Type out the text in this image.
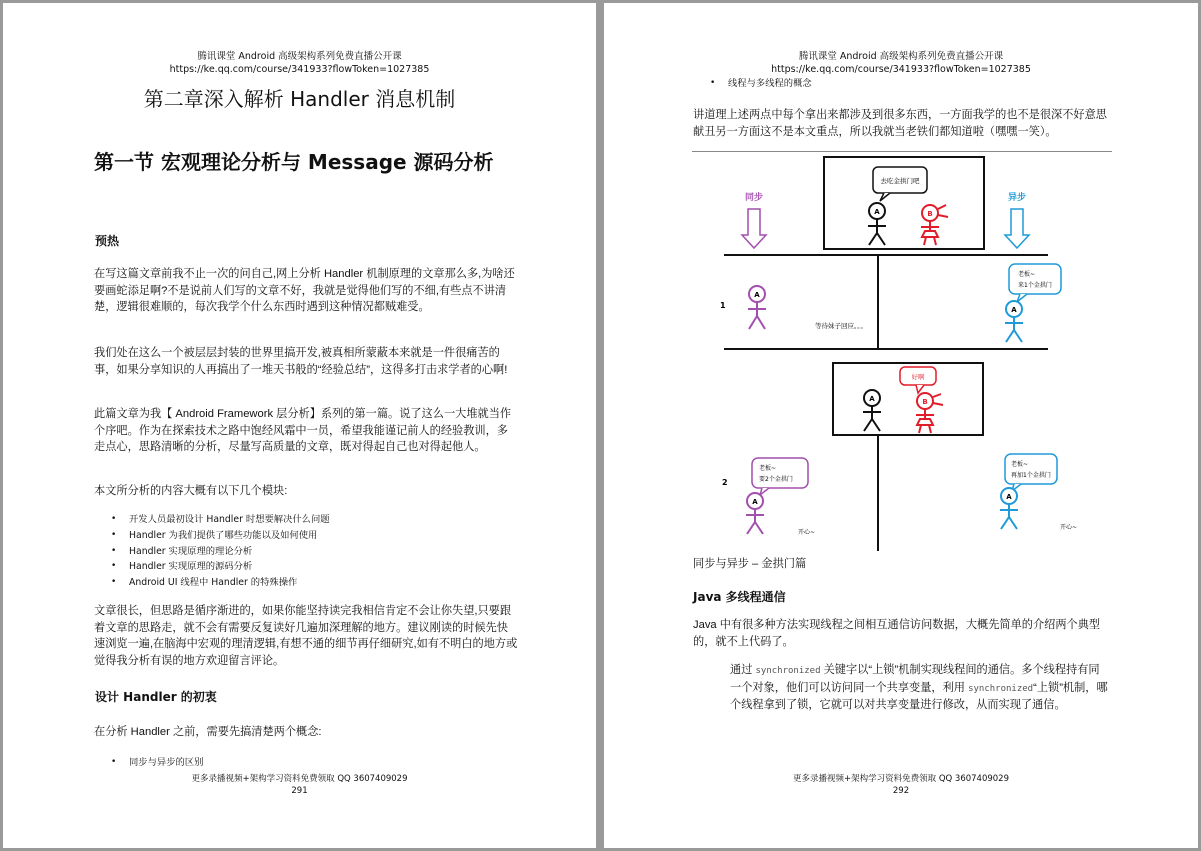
腾讯课堂 Android 高级架构系列免费直播公开课
https://ke.qq.com/course/341933?flowToken=1027385
第二章深入解析 Handler 消息机制
第一节 宏观理论分析与 Message 源码分析
预热
在写这篇文章前我不止一次的问自己,网上分析 Handler 机制原理的文章那么多,为啥还要画蛇添足啊?不是说前人们写的文章不好，我就是觉得他们写的不细,有些点不讲清楚，逻辑很难顺的，每次我学个什么东西时遇到这种情况都贼难受。
我们处在这么一个被层层封装的世界里搞开发,被真相所蒙蔽本来就是一件很痛苦的事，如果分享知识的人再搞出了一堆天书般的“经验总结”，这得多打击求学者的心啊!
此篇文章为我【 Android Framework 层分析】系列的第一篇。说了这么一大堆就当作个序吧。作为在探索技术之路中饱经风霜中一员，希望我能谨记前人的经验教训，多走点心，思路清晰的分析，尽量写高质量的文章，既对得起自己也对得起他人。
本文所分析的内容大概有以下几个模块:
• 开发人员最初设计 Handler 时想要解决什么问题
• Handler 为我们提供了哪些功能以及如何使用
• Handler 实现原理的理论分析
• Handler 实现原理的源码分析
• Android UI 线程中 Handler 的特殊操作
文章很长，但思路是循序渐进的，如果你能坚持读完我相信肯定不会让你失望,只要跟着文章的思路走，就不会有需要反复读好几遍加深理解的地方。建议刚读的时候先快速浏览一遍,在脑海中宏观的理清逻辑,有想不通的细节再仔细研究,如有不明白的地方或觉得我分析有误的地方欢迎留言评论。
设计 Handler 的初衷
在分析 Handler 之前，需要先搞清楚两个概念:
• 同步与异步的区别
更多录播视频+架构学习资料免费领取 QQ 3607409029
291
腾讯课堂 Android 高级架构系列免费直播公开课
https://ke.qq.com/course/341933?flowToken=1027385
• 线程与多线程的概念
讲道理上述两点中每个拿出来都涉及到很多东西，一方面我学的也不是很深不好意思献丑另一方面这不是本文重点，所以我就当老铁们都知道啦（嘿嘿一笑）。
同步	异步
去吃金拱门吧
A	B
1
A
等待妹子回应。。。
老板~
来1个金拱门
A
好啊
A	B
2
老板~
要2个金拱门
A
开心~
老板~
再加1个金拱门
A
开心~
同步与异步 – 金拱门篇
Java 多线程通信
Java 中有很多种方法实现线程之间相互通信访问数据，大概先简单的介绍两个典型的，就不上代码了。
通过 synchronized 关键字以“上锁”机制实现线程间的通信。多个线程持有同一个对象，他们可以访问同一个共享变量，利用 synchronized“上锁”机制，哪个线程拿到了锁，它就可以对共享变量进行修改，从而实现了通信。
更多录播视频+架构学习资料免费领取 QQ 3607409029
292
